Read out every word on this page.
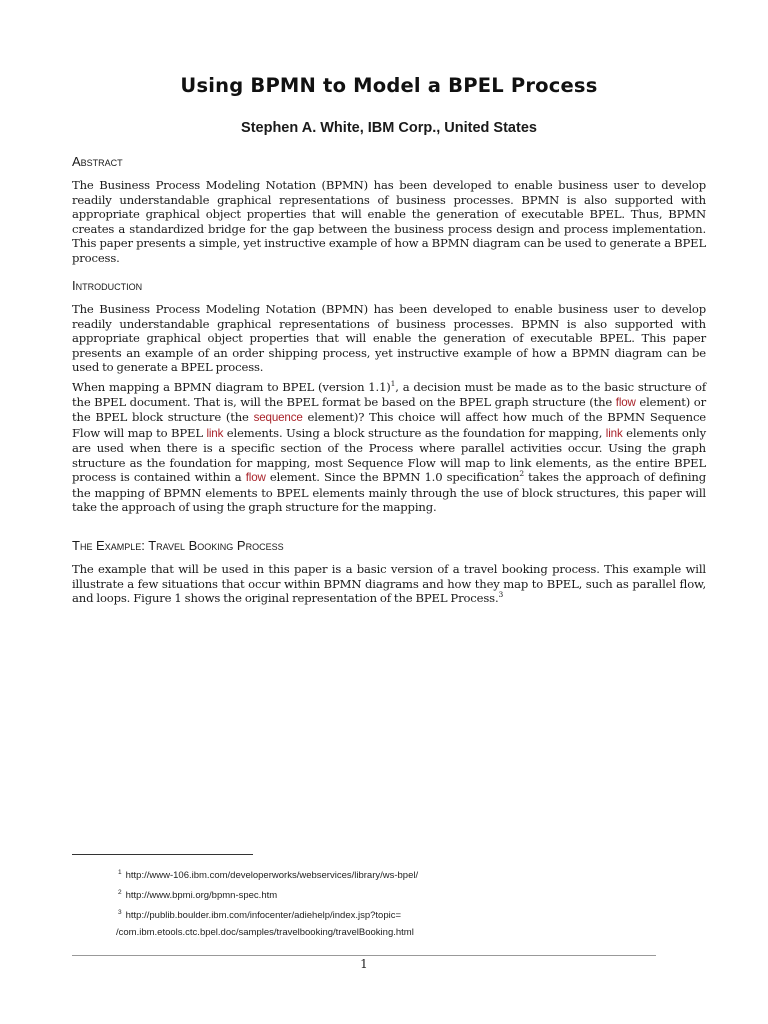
Using BPMN to Model a BPEL Process
Stephen A. White, IBM Corp., United States
Abstract
The Business Process Modeling Notation (BPMN) has been developed to enable business user to develop readily understandable graphical representations of business processes. BPMN is also supported with appropriate graphical object properties that will enable the generation of executable BPEL. Thus, BPMN creates a standardized bridge for the gap between the business process design and process implementation. This paper presents a simple, yet instructive example of how a BPMN diagram can be used to generate a BPEL process.
Introduction
The Business Process Modeling Notation (BPMN) has been developed to enable business user to develop readily understandable graphical representations of business processes. BPMN is also supported with appropriate graphical object properties that will enable the generation of executable BPEL. This paper presents an example of an order shipping process, yet instructive example of how a BPMN diagram can be used to generate a BPEL process.
When mapping a BPMN diagram to BPEL (version 1.1)$^1$, a decision must be made as to the basic structure of the BPEL document. That is, will the BPEL format be based on the BPEL graph structure (the flow element) or the BPEL block structure (the sequence element)? This choice will affect how much of the BPMN Sequence Flow will map to BPEL link elements. Using a block structure as the foundation for mapping, link elements only are used when there is a specific section of the Process where parallel activities occur. Using the graph structure as the foundation for mapping, most Sequence Flow will map to link elements, as the entire BPEL process is contained within a flow element. Since the BPMN 1.0 specification$^2$ takes the approach of defining the mapping of BPMN elements to BPEL elements mainly through the use of block structures, this paper will take the approach of using the graph structure for the mapping.
The Example: Travel Booking Process
The example that will be used in this paper is a basic version of a travel booking process. This example will illustrate a few situations that occur within BPMN diagrams and how they map to BPEL, such as parallel flow, and loops. Figure 1 shows the original representation of the BPEL Process.$^3$
$^1$ http://www-106.ibm.com/developerworks/webservices/library/ws-bpel/
$^2$ http://www.bpmi.org/bpmn-spec.htm
$^3$ http://publib.boulder.ibm.com/infocenter/adiehelp/index.jsp?topic=
/com.ibm.etools.ctc.bpel.doc/samples/travelbooking/travelBooking.html
1
